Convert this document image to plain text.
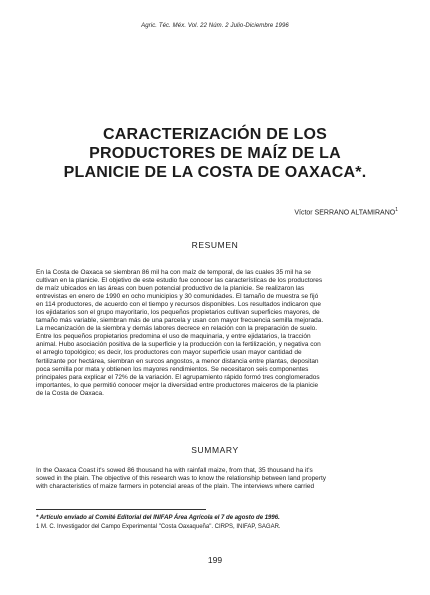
Agric. Téc. Méx. Vol. 22 Núm. 2 Julio-Diciembre 1996
CARACTERIZACIÓN DE LOS
PRODUCTORES DE MAÍZ DE LA
PLANICIE DE LA COSTA DE OAXACA*.
Víctor SERRANO ALTAMIRANO$^1$
RESUMEN
En la Costa de Oaxaca se siembran 86 mil ha con maíz de temporal, de las cuales 35 mil ha se
cultivan en la planicie. El objetivo de este estudio fue conocer las características de los productores
de maíz ubicados en las áreas con buen potencial productivo de la planicie. Se realizaron las
entrevistas en enero de 1990 en ocho municipios y 30 comunidades. El tamaño de muestra se fijó
en 114 productores, de acuerdo con el tiempo y recursos disponibles. Los resultados indicaron que
los ejidatarios son el grupo mayoritario, los pequeños propietarios cultivan superficies mayores, de
tamaño más variable, siembran más de una parcela y usan con mayor frecuencia semilla mejorada.
La mecanización de la siembra y demás labores decrece en relación con la preparación de suelo.
Entre los pequeños propietarios predomina el uso de maquinaria, y entre ejidatarios, la tracción
animal. Hubo asociación positiva de la superficie y la producción con la fertilización, y negativa con
el arreglo topológico; es decir, los productores con mayor superficie usan mayor cantidad de
fertilizante por hectárea, siembran en surcos angostos, a menor distancia entre plantas, depositan
poca semilla por mata y obtienen los mayores rendimientos. Se necesitaron seis componentes
principales para explicar el 72% de la variación. El agrupamiento rápido formó tres conglomerados
importantes, lo que permitió conocer mejor la diversidad entre productores maiceros de la planicie
de la Costa de Oaxaca.
SUMMARY
In the Oaxaca Coast it's sowed 86 thousand ha with rainfall maize, from that, 35 thousand ha it's
sowed in the plain. The objective of this research was to know the relationship between land property
with characteristics of maize farmers in potencial areas of the plain. The interviews where carried
* Artículo enviado al Comité Editorial del INIFAP Área Agrícola el 7 de agosto de 1996.
1 M. C. Investigador del Campo Experimental "Costa Oaxaqueña". CIRPS, INIFAP, SAGAR.
199
